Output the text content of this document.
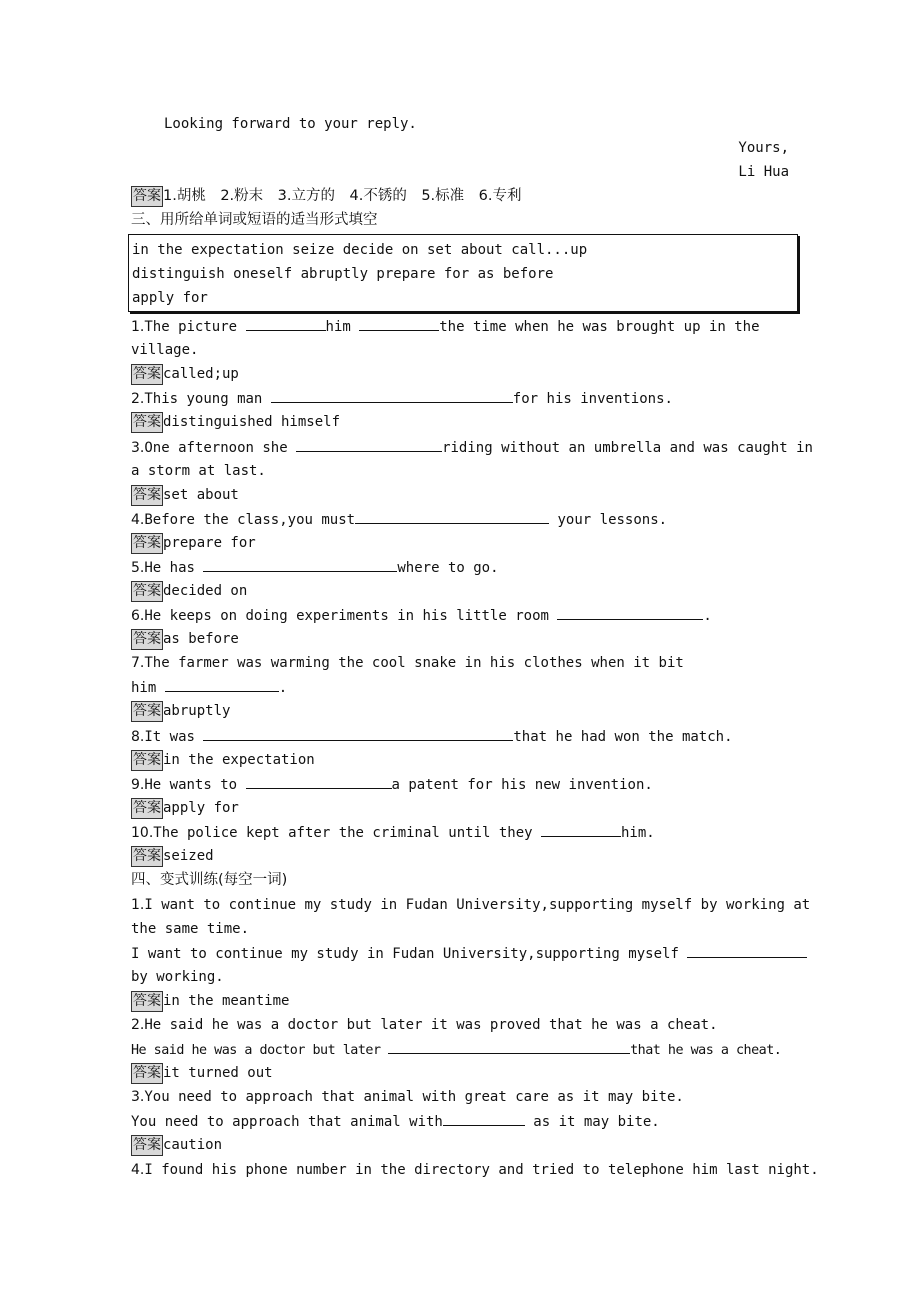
Looking forward to your reply.
Yours,
Li Hua
答案 1.胡桃　2.粉末　3.立方的　4.不锈的　5.标准　6.专利
三、用所给单词或短语的适当形式填空
in the expectation seize decide on set about call...up
distinguish oneself abruptly prepare for as before
apply for
1.The picture	him	the time when he was brought up in the
village.
答案 called;up
2.This young man	for his inventions.
答案 distinguished himself
3.One afternoon she	riding without an umbrella and was caught in
a storm at last.
答案 set about
4.Before the class,you must	your lessons.
答案 prepare for
5.He has	where to go.
答案 decided on
6.He keeps on doing experiments in his little room	.
答案 as before
7.The farmer was warming the cool snake in his clothes when it bit
him	.
答案 abruptly
8.It was	that he had won the match.
答案 in the expectation
9.He wants to	a patent for his new invention.
答案 apply for
10.The police kept after the criminal until they	him.
答案 seized
四、变式训练(每空一词)
1.I want to continue my study in Fudan University,supporting myself by working at
the same time.
I want to continue my study in Fudan University,supporting myself
by working.
答案 in the meantime
2.He said he was a doctor but later it was proved that he was a cheat.
He said he was a doctor but later	that he was a cheat.
答案 it turned out
3.You need to approach that animal with great care as it may bite.
You need to approach that animal with	as it may bite.
答案 caution
4.I found his phone number in the directory and tried to telephone him last night.
